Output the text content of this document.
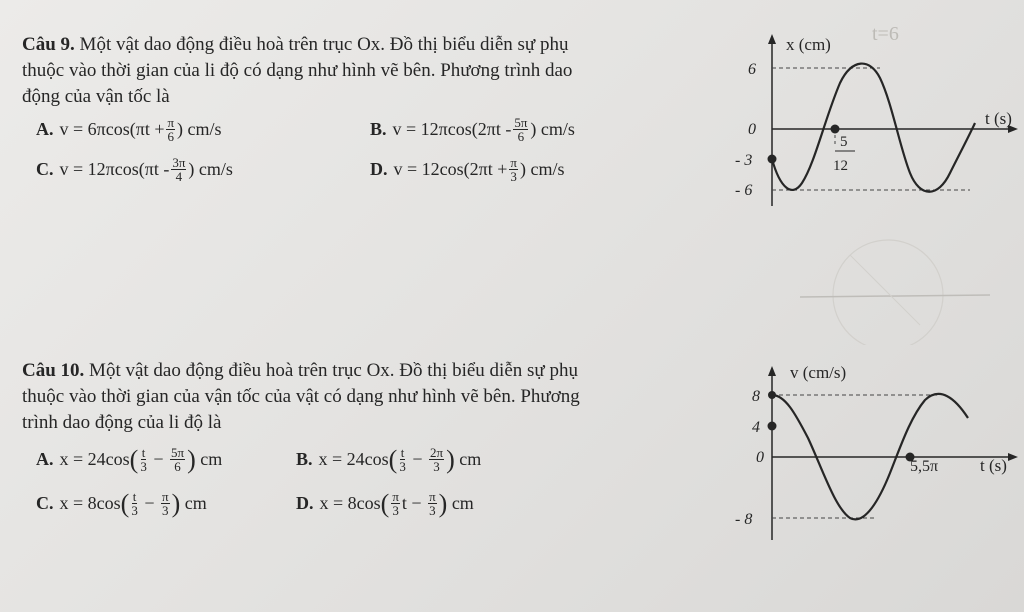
Câu 9. Một vật dao động điều hoà trên trục Ox. Đồ thị biểu diễn sự phụ
thuộc vào thời gian của li độ có dạng như hình vẽ bên. Phương trình dao
động của vận tốc là
A. $v = 6\pi\cos(\pi t + \frac{\pi}{6}$ ) cm/s	B. $v = 12\pi\cos(2\pi t - \frac{5\pi}{6}$ ) cm/s
C. $v = 12\pi\cos(\pi t - \frac{3\pi}{4}$ ) cm/s	D. $v = 12\cos(2\pi t + \frac{\pi}{3}$ ) cm/s
x (cm)
t (s)
6
0
- 3
- 6
5
12
t=6
Câu 10. Một vật dao động điều hoà trên trục Ox. Đồ thị biểu diễn sự phụ
thuộc vào thời gian của vận tốc của vật có dạng như hình vẽ bên. Phương
trình dao động của li độ là
A. x = 24cos ( $\frac{t}{3} - \frac{5\pi}{6}$ ) cm	B. x = 24cos ( $\frac{t}{3} - \frac{2\pi}{3}$ ) cm
C. x = 8cos ( $\frac{t}{3} - \frac{\pi}{3}$ ) cm	D. x = 8cos ( $\frac{\pi}{3}$ $t - \frac{\pi}{3}$ ) cm
v (cm/s)
t (s)
8
4
0
- 8
5,5π
